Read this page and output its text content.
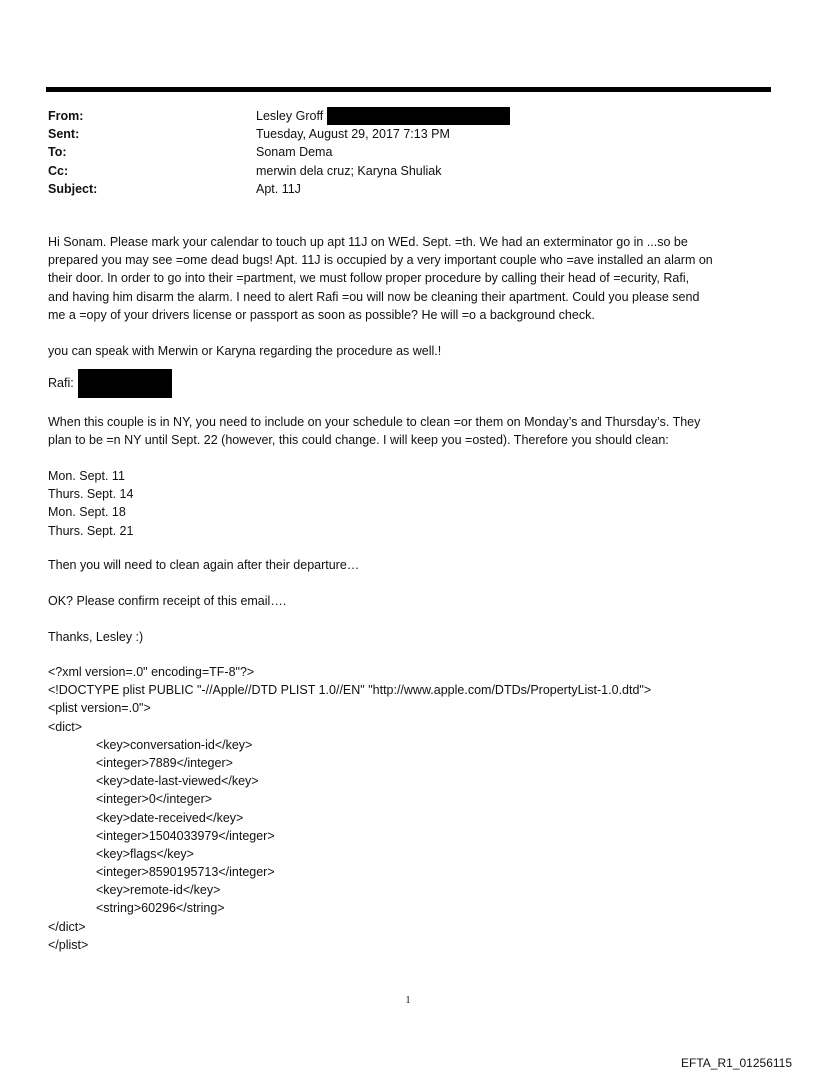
From:	Lesley Groff
Sent:	Tuesday, August 29, 2017 7:13 PM
To:	Sonam Dema
Cc:	merwin dela cruz; Karyna Shuliak
Subject:	Apt. 11J
Hi Sonam. Please mark your calendar to touch up apt 11J on WEd. Sept. =th. We had an exterminator go in ...so be
prepared you may see =ome dead bugs! Apt. 11J is occupied by a very important couple who =ave installed an alarm on
their door. In order to go into their =partment, we must follow proper procedure by calling their head of =ecurity, Rafi,
and having him disarm the alarm. I need to alert Rafi =ou will now be cleaning their apartment. Could you please send
me a =opy of your drivers license or passport as soon as possible? He will =o a background check.
you can speak with Merwin or Karyna regarding the procedure as well.!
Rafi:
When this couple is in NY, you need to include on your schedule to clean =or them on Monday’s and Thursday’s. They
plan to be =n NY until Sept. 22 (however, this could change. I will keep you =osted). Therefore you should clean:
Mon. Sept. 11
Thurs. Sept. 14
Mon. Sept. 18
Thurs. Sept. 21
Then you will need to clean again after their departure…
OK? Please confirm receipt of this email….
Thanks, Lesley :)
<?xml version=.0" encoding=TF-8"?>
<!DOCTYPE plist PUBLIC "-//Apple//DTD PLIST 1.0//EN" "http://www.apple.com/DTDs/PropertyList-1.0.dtd">
<plist version=.0">
<dict>
<key>conversation-id</key>
<integer>7889</integer>
<key>date-last-viewed</key>
<integer>0</integer>
<key>date-received</key>
<integer>1504033979</integer>
<key>flags</key>
<integer>8590195713</integer>
<key>remote-id</key>
<string>60296</string>
</dict>
</plist>
1
EFTA_R1_01256115
